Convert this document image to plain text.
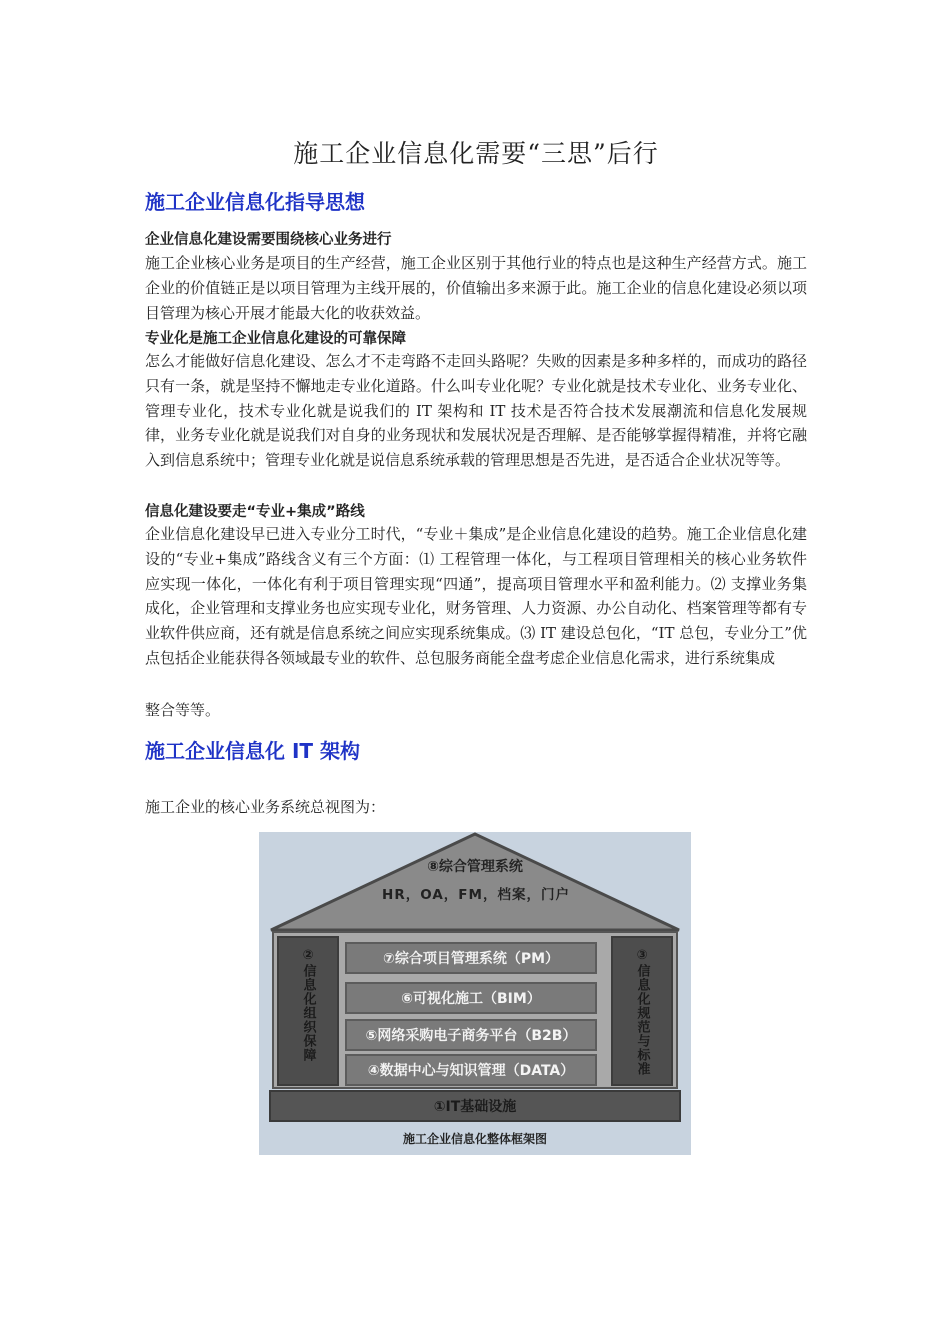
施工企业信息化需要“三思”后行
施工企业信息化指导思想
企业信息化建设需要围绕核心业务进行

施工企业核心业务是项目的生产经营，施工企业区别于其他行业的特点也是这种生产经营方式。施工企业的价值链正是以项目管理为主线开展的，价值输出多来源于此。施工企业的信息化建设必须以项目管理为核心开展才能最大化的收获效益。

专业化是施工企业信息化建设的可靠保障

怎么才能做好信息化建设、怎么才不走弯路不走回头路呢？失败的因素是多种多样的，而成功的路径只有一条，就是坚持不懈地走专业化道路。什么叫专业化呢？专业化就是技术专业化、业务专业化、管理专业化，技术专业化就是说我们的 IT 架构和 IT 技术是否符合技术发展潮流和信息化发展规律，业务专业化就是说我们对自身的业务现状和发展状况是否理解、是否能够掌握得精准，并将它融入到信息系统中；管理专业化就是说信息系统承载的管理思想是否先进，是否适合企业状况等等。

信息化建设要走“专业+集成”路线

企业信息化建设早已进入专业分工时代，“专业＋集成”是企业信息化建设的趋势。施工企业信息化建设的“专业+集成”路线含义有三个方面：⑴ 工程管理一体化，与工程项目管理相关的核心业务软件应实现一体化，一体化有利于项目管理实现“四通”，提高项目管理水平和盈利能力。⑵ 支撑业务集成化，企业管理和支撑业务也应实现专业化，财务管理、人力资源、办公自动化、档案管理等都有专业软件供应商，还有就是信息系统之间应实现系统集成。⑶ IT 建设总包化，“IT 总包，专业分工”优点包括企业能获得各领域最专业的软件、总包服务商能全盘考虑企业信息化需求，进行系统集成

整合等等。

施工企业信息化 IT 架构

施工企业的核心业务系统总视图为：

⑧综合管理系统
HR，OA，FM，档案，门户
②信息化组织保障	③信息化规范与标准
⑦综合项目管理系统（PM）
⑥可视化施工（BIM）
⑤网络采购电子商务平台（B2B）
④数据中心与知识管理（DATA）
①IT基础设施
施工企业信息化整体框架图
